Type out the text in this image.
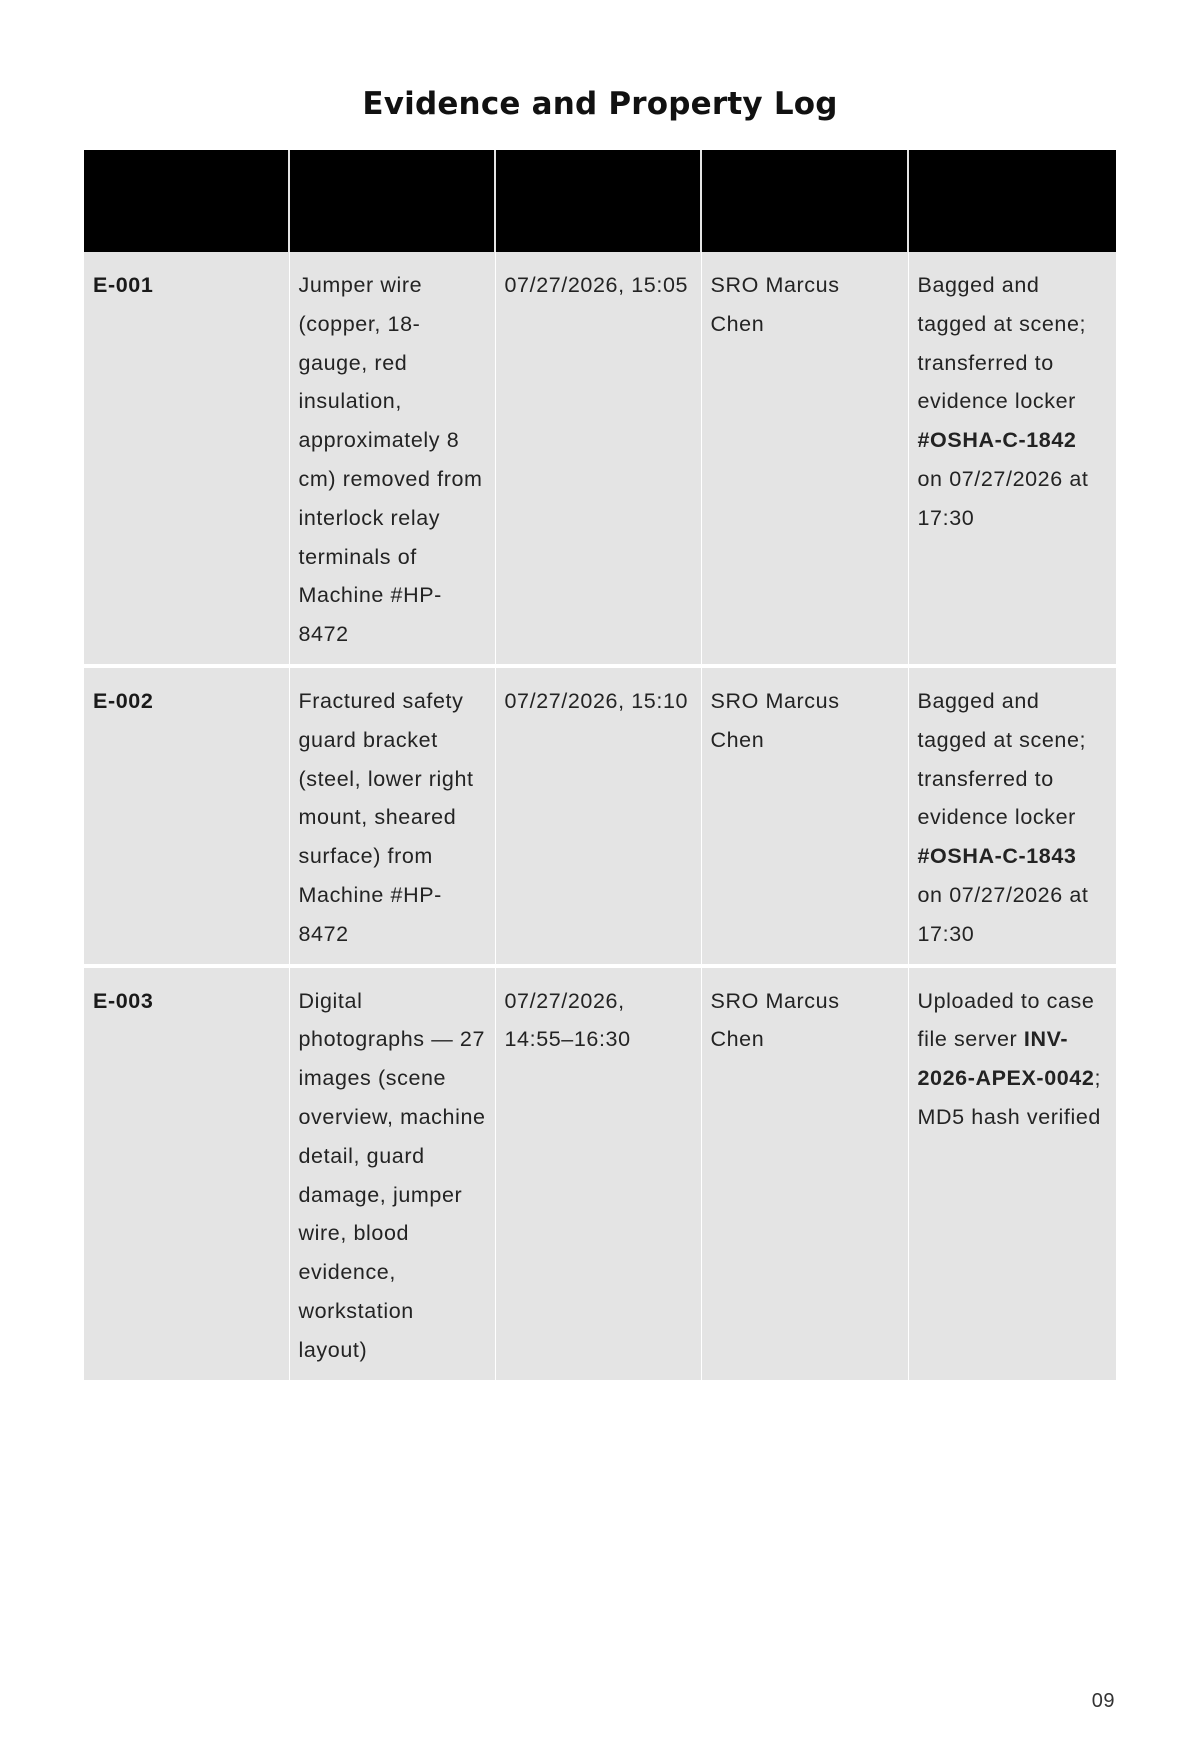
Evidence and Property Log

E-001	Jumper wire (copper, 18-gauge, red insulation, approximately 8 cm) removed from interlock relay terminals of Machine #HP-8472	07/27/2026, 15:05	SRO Marcus Chen	Bagged and tagged at scene; transferred to evidence locker #OSHA-C-1842 on 07/27/2026 at 17:30
E-002	Fractured safety guard bracket (steel, lower right mount, sheared surface) from Machine #HP-8472	07/27/2026, 15:10	SRO Marcus Chen	Bagged and tagged at scene; transferred to evidence locker #OSHA-C-1843 on 07/27/2026 at 17:30
E-003	Digital photographs — 27 images (scene overview, machine detail, guard damage, jumper wire, blood evidence, workstation layout)	07/27/2026, 14:55–16:30	SRO Marcus Chen	Uploaded to case file server INV-2026-APEX-0042; MD5 hash verified
09
